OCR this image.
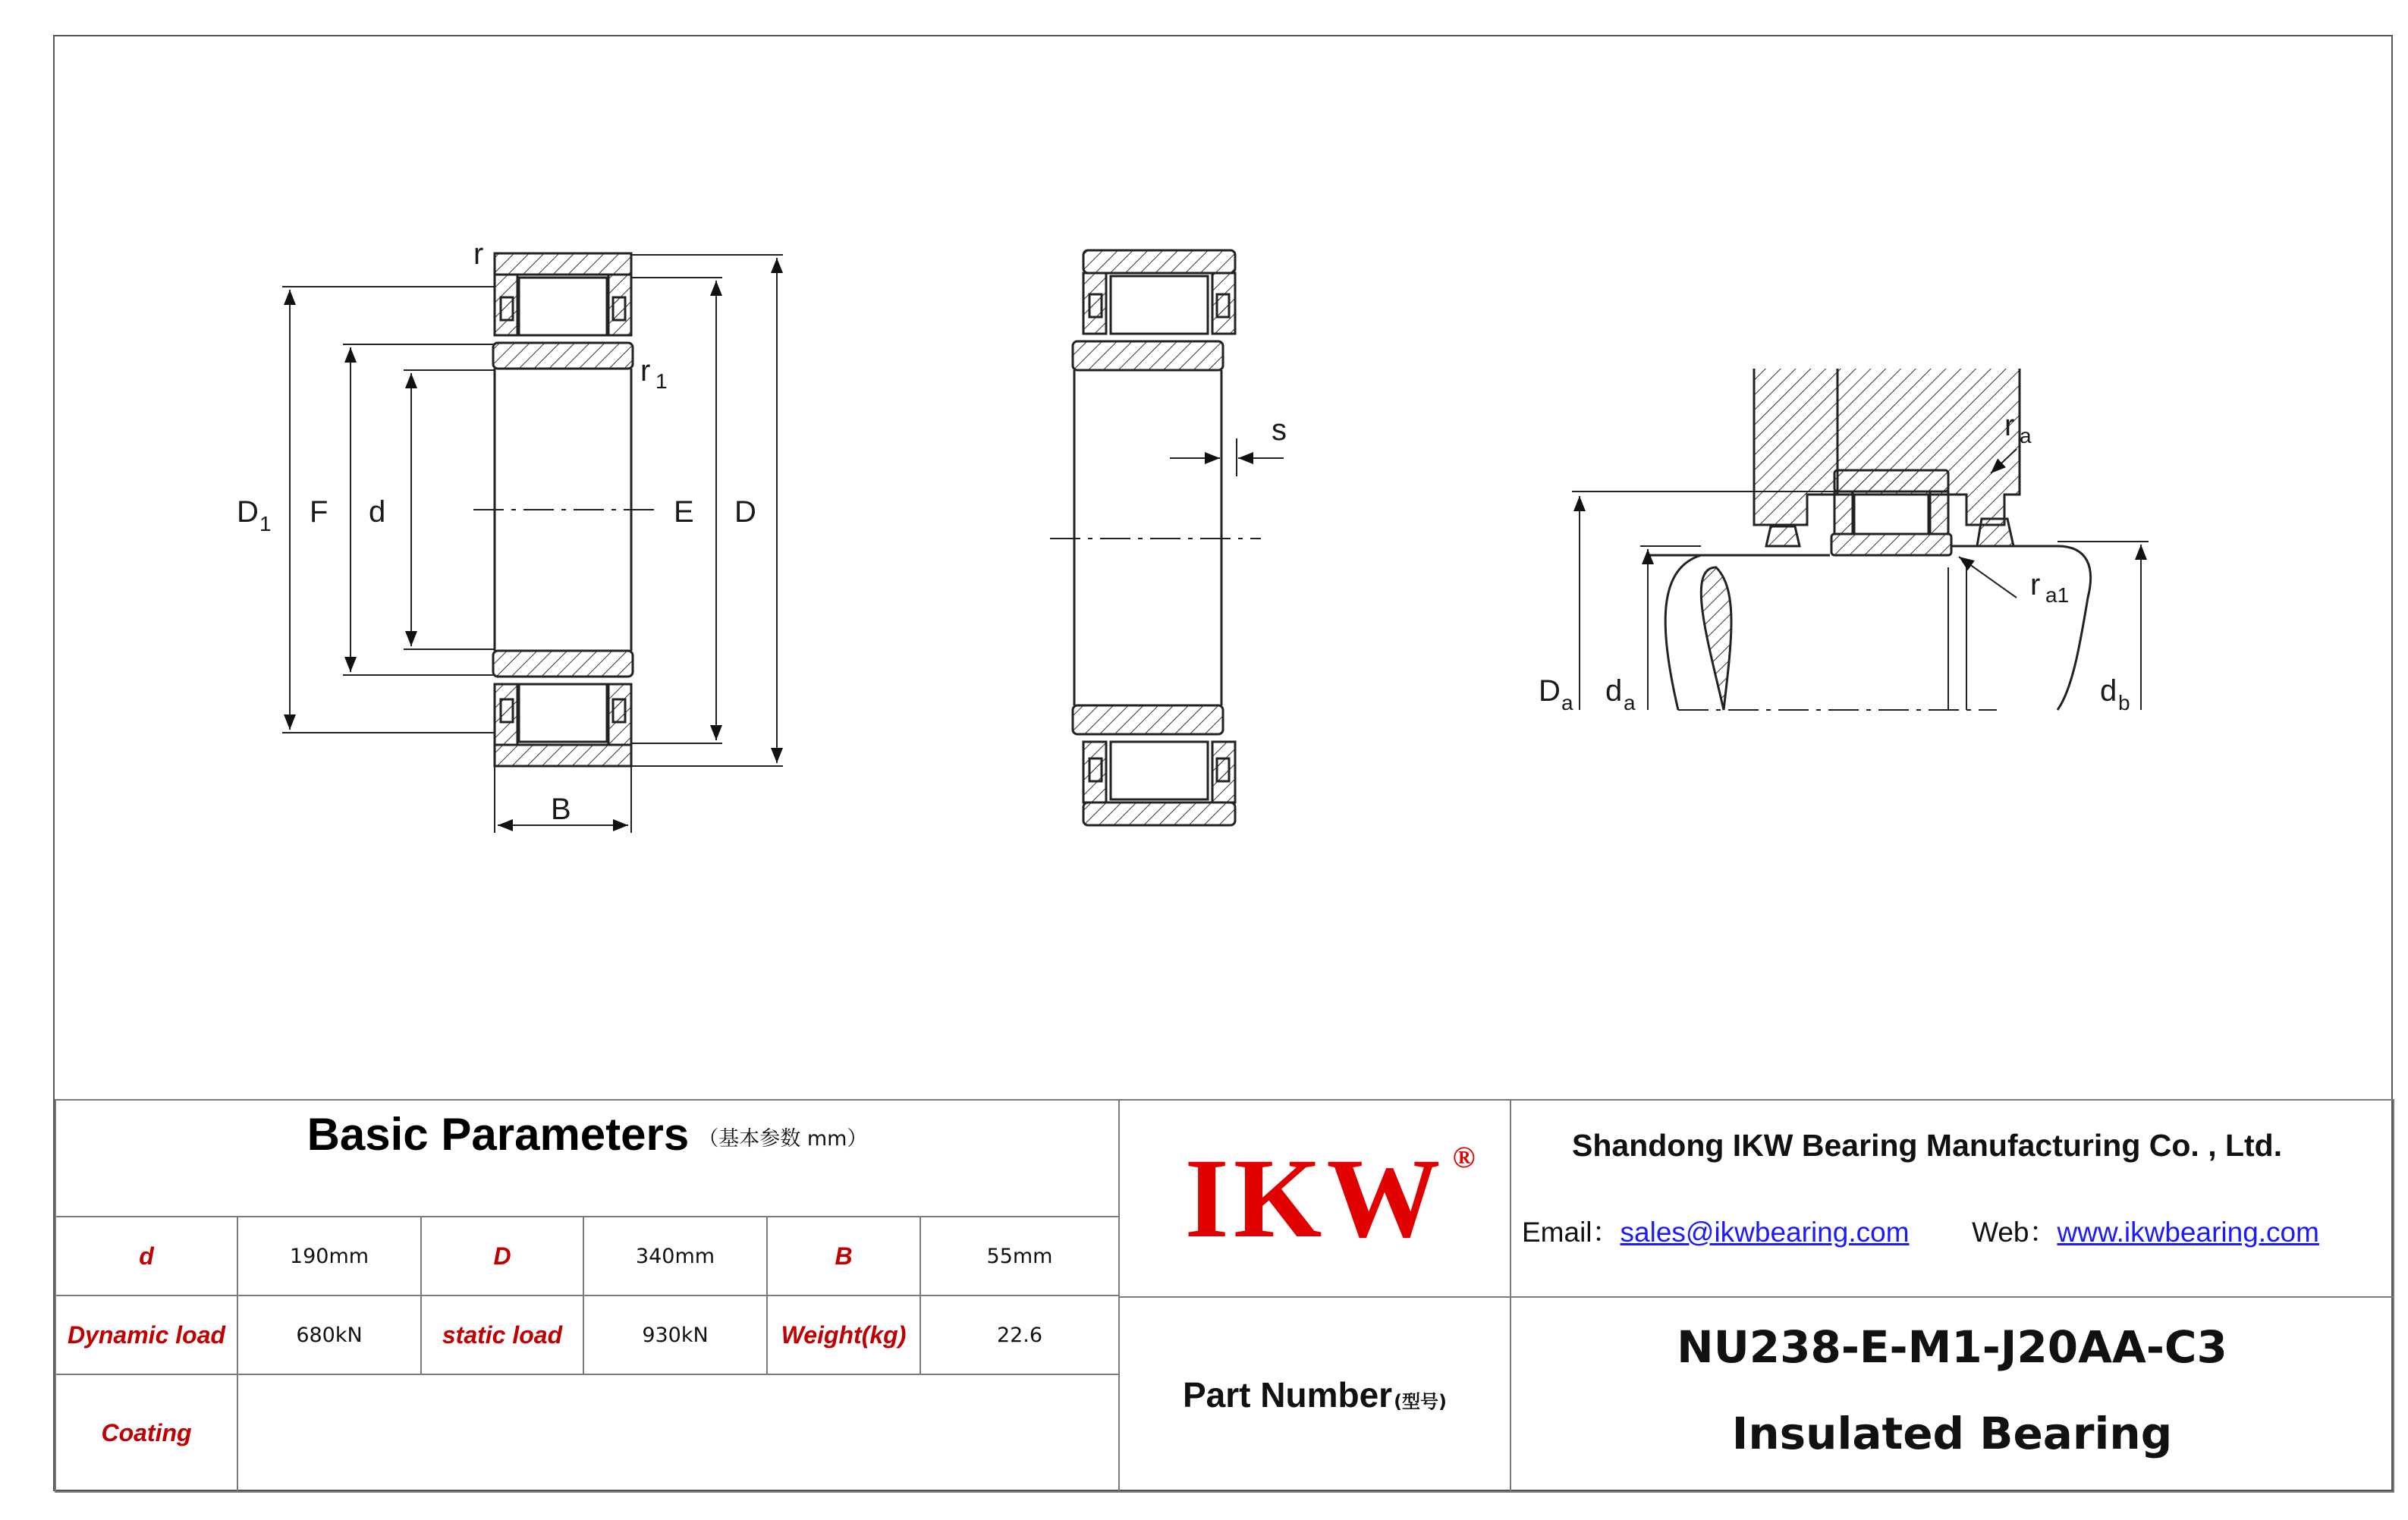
r
r 1
D 1 F d	E D
B
s	r a
r a1
D a d a	d b
Basic Parameters （基本参数 mm）
d	190mm	D	340mm	B	55mm
Dynamic load	680kN	static load	930kN	Weight(kg)	22.6
Coating
IKW ®
Part Number (型号)
Shandong IKW Bearing Manufacturing Co. , Ltd.
Email：sales@ikwbearing.com Web：www.ikwbearing.com
NU238-E-M1-J20AA-C3
Insulated Bearing
